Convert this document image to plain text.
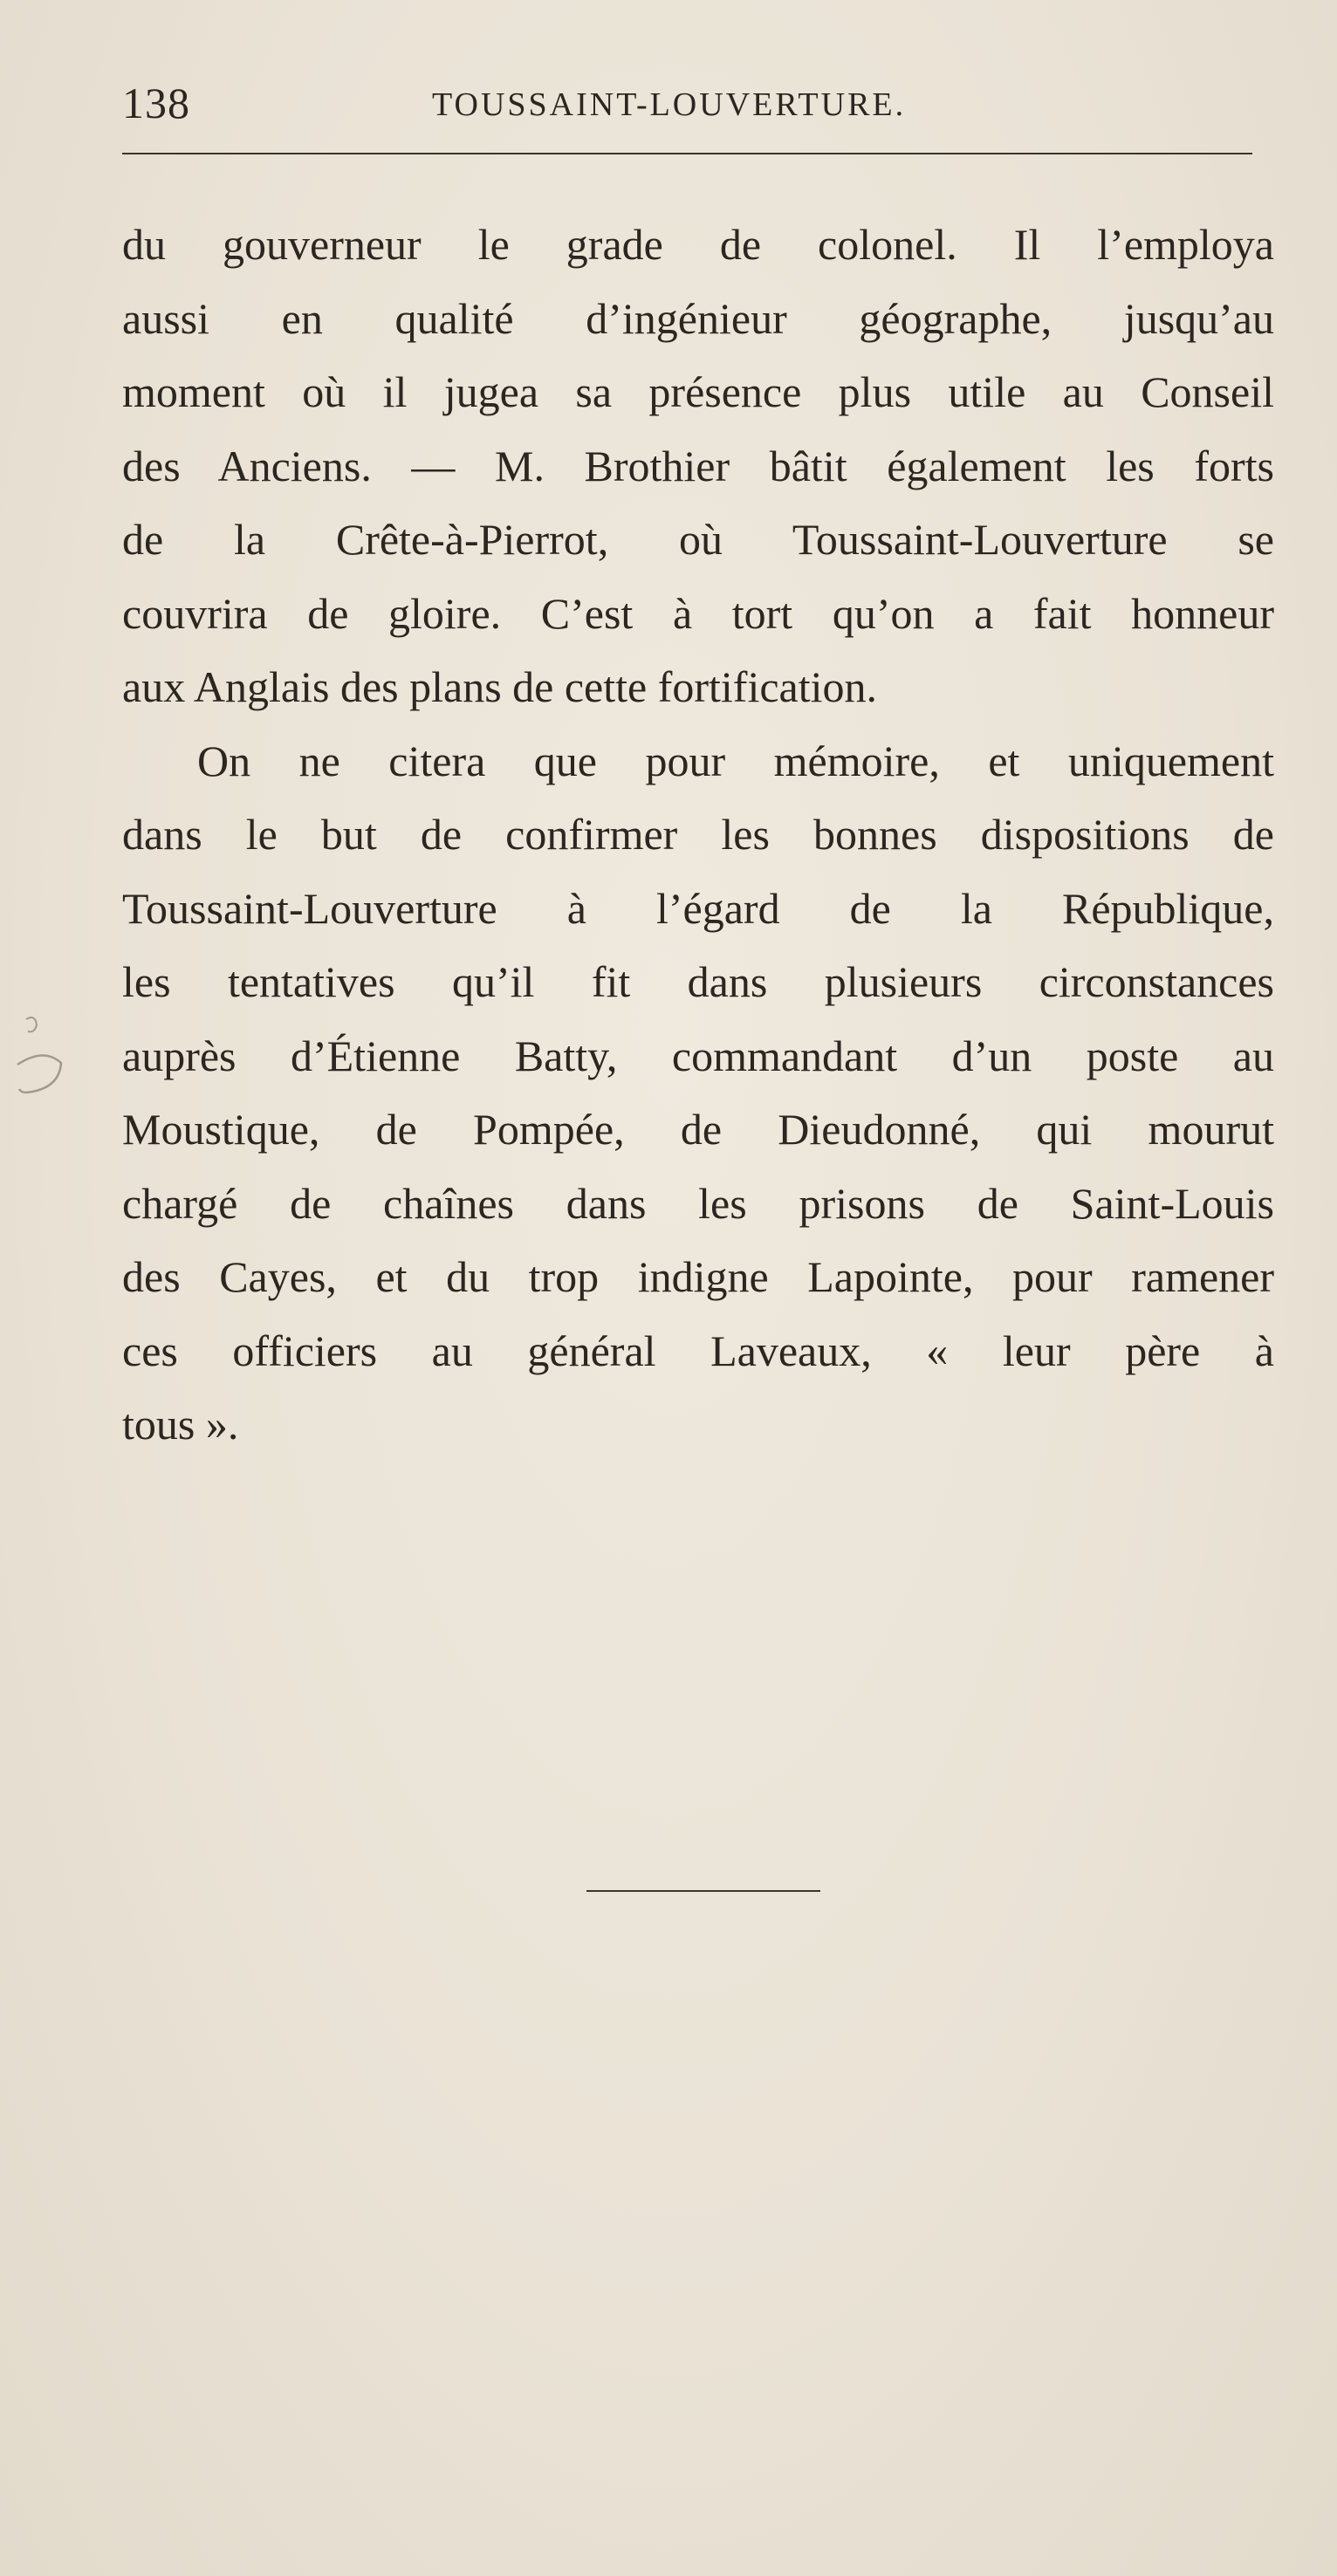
138	TOUSSAINT-LOUVERTURE.
du gouverneur le grade de colonel. Il l’employa
aussi en qualité d’ingénieur géographe, jusqu’au
moment où il jugea sa présence plus utile au Conseil
des Anciens. — M. Brothier bâtit également les forts
de la Crête-à-Pierrot, où Toussaint-Louverture se
couvrira de gloire. C’est à tort qu’on a fait honneur
aux Anglais des plans de cette fortification.
On ne citera que pour mémoire, et uniquement
dans le but de confirmer les bonnes dispositions de
Toussaint-Louverture à l’égard de la République,
les tentatives qu’il fit dans plusieurs circonstances
auprès d’Étienne Batty, commandant d’un poste au
Moustique, de Pompée, de Dieudonné, qui mourut
chargé de chaînes dans les prisons de Saint-Louis
des Cayes, et du trop indigne Lapointe, pour ramener
ces officiers au général Laveaux, « leur père à
tous ».
